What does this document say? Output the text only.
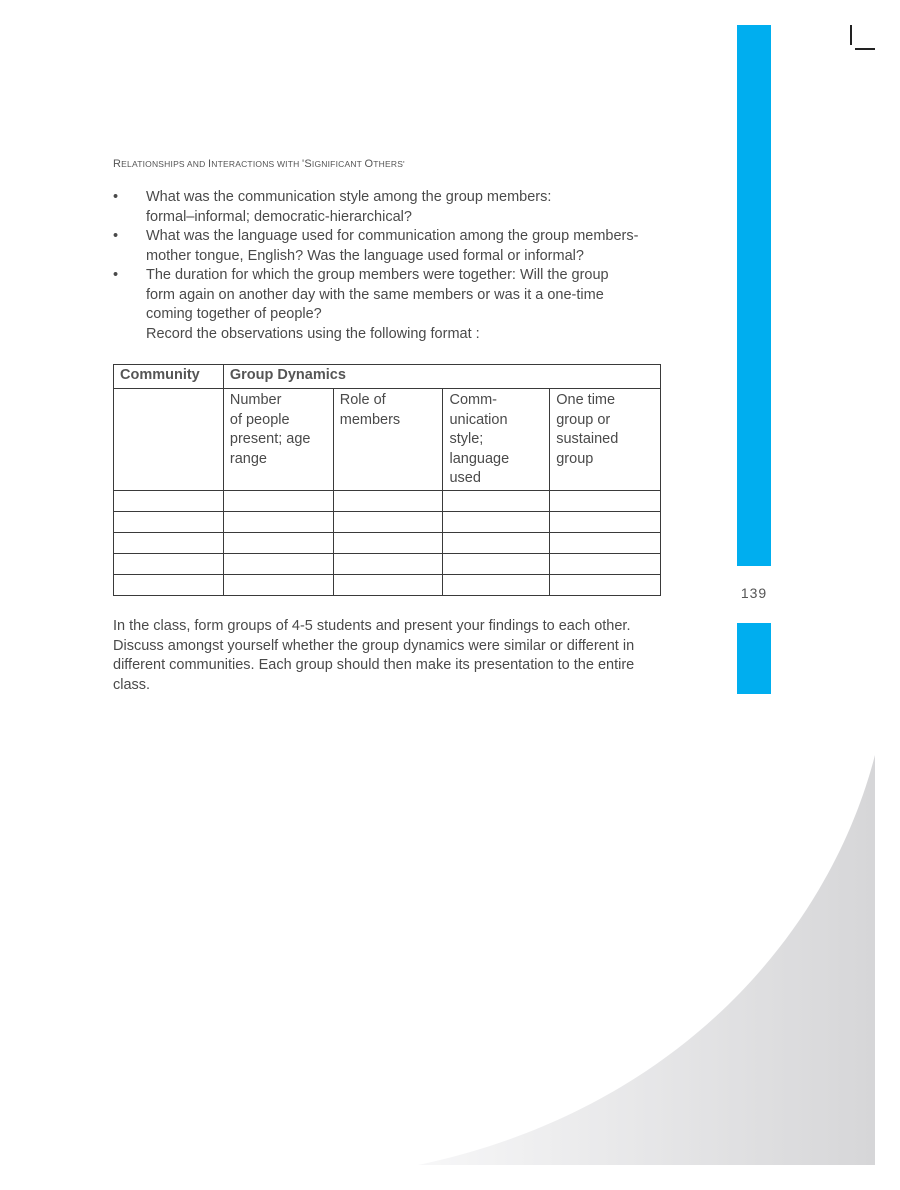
139
RELATIONSHIPS AND INTERACTIONS WITH 'SIGNIFICANT OTHERS'
• What was the communication style among the group members:
formal–informal; democratic-hierarchical?
• What was the language used for communication among the group members-
mother tongue, English? Was the language used formal or informal?
• The duration for which the group members were together: Will the group
form again on another day with the same members or was it a one-time
coming together of people?
Record the observations using the following format :
Community	Group Dynamics			

	Number
of people
present; age
range	Role of
members	Comm-
unication
style;
language
used	One time
group or
sustained
group

In the class, form groups of 4-5 students and present your findings to each other.
Discuss amongst yourself whether the group dynamics were similar or different in
different communities. Each group should then make its presentation to the entire
class.
